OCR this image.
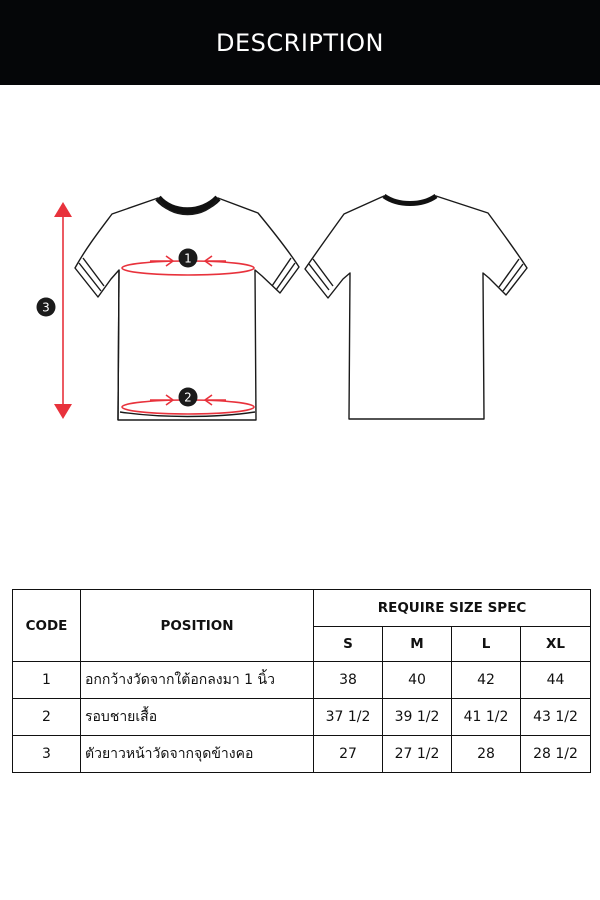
DESCRIPTION
1
2
3
CODE	POSITION	REQUIRE SIZE SPEC			
		S	M	L	XL
1	อกกว้างวัดจากใต้อกลงมา 1 นิ้ว	38	40	42	44
2	รอบชายเสื้อ	37 1/2	39 1/2	41 1/2	43 1/2
3	ตัวยาวหน้าวัดจากจุดข้างคอ	27	27 1/2	28	28 1/2
